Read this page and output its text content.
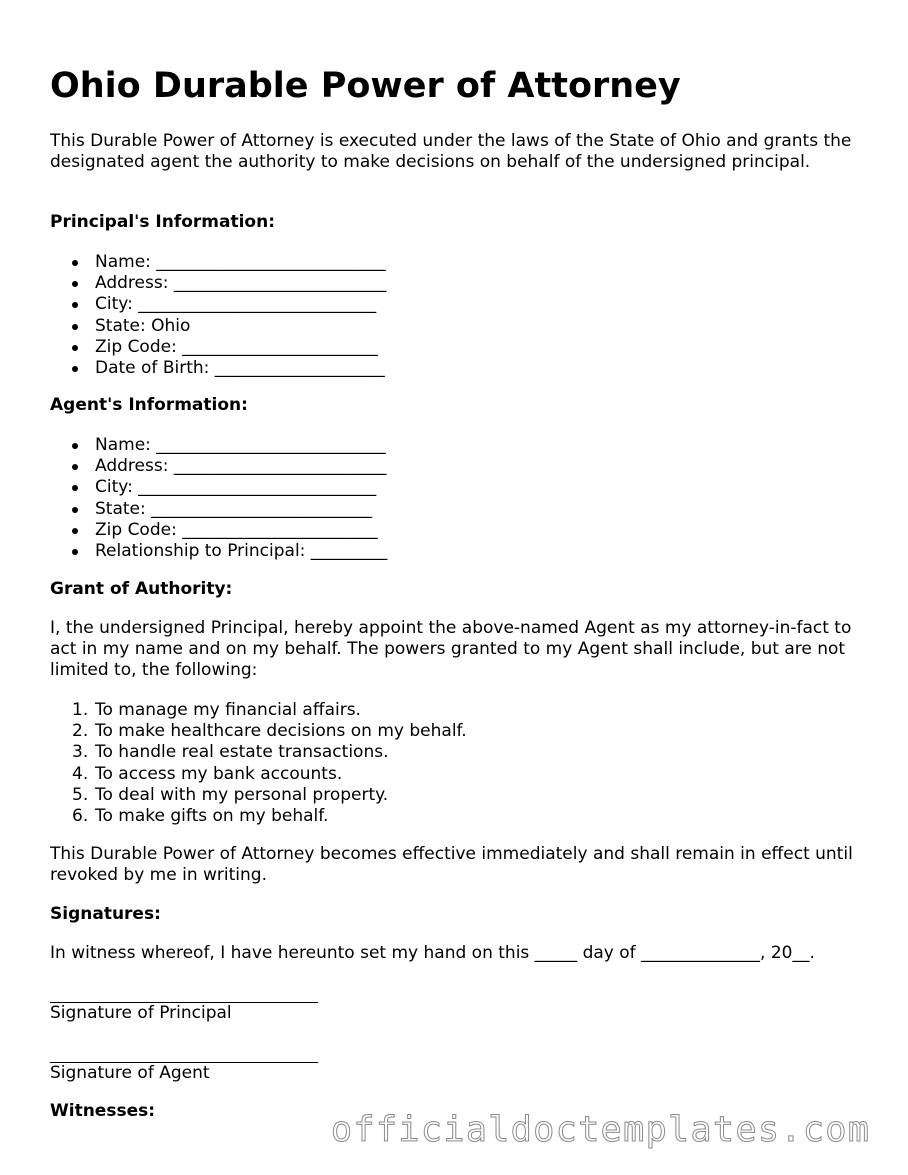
Ohio Durable Power of Attorney

This Durable Power of Attorney is executed under the laws of the State of Ohio and grants the designated agent the authority to make decisions on behalf of the undersigned principal.

Principal's Information:

Name: ___________________________
Address: _________________________
City: ____________________________
State: Ohio
Zip Code: _______________________
Date of Birth: ____________________

Agent's Information:

Name: ___________________________
Address: _________________________
City: ____________________________
State: __________________________
Zip Code: _______________________
Relationship to Principal: _________

Grant of Authority:

I, the undersigned Principal, hereby appoint the above-named Agent as my attorney-in-fact to act in my name and on my behalf. The powers granted to my Agent shall include, but are not limited to, the following:

1. To manage my financial affairs.
2. To make healthcare decisions on my behalf.
3. To handle real estate transactions.
4. To access my bank accounts.
5. To deal with my personal property.
6. To make gifts on my behalf.

This Durable Power of Attorney becomes effective immediately and shall remain in effect until revoked by me in writing.

Signatures:

In witness whereof, I have hereunto set my hand on this _____ day of ______________, 20__.

Signature of Principal

Signature of Agent

Witnesses:	officialdoctemplates.com
